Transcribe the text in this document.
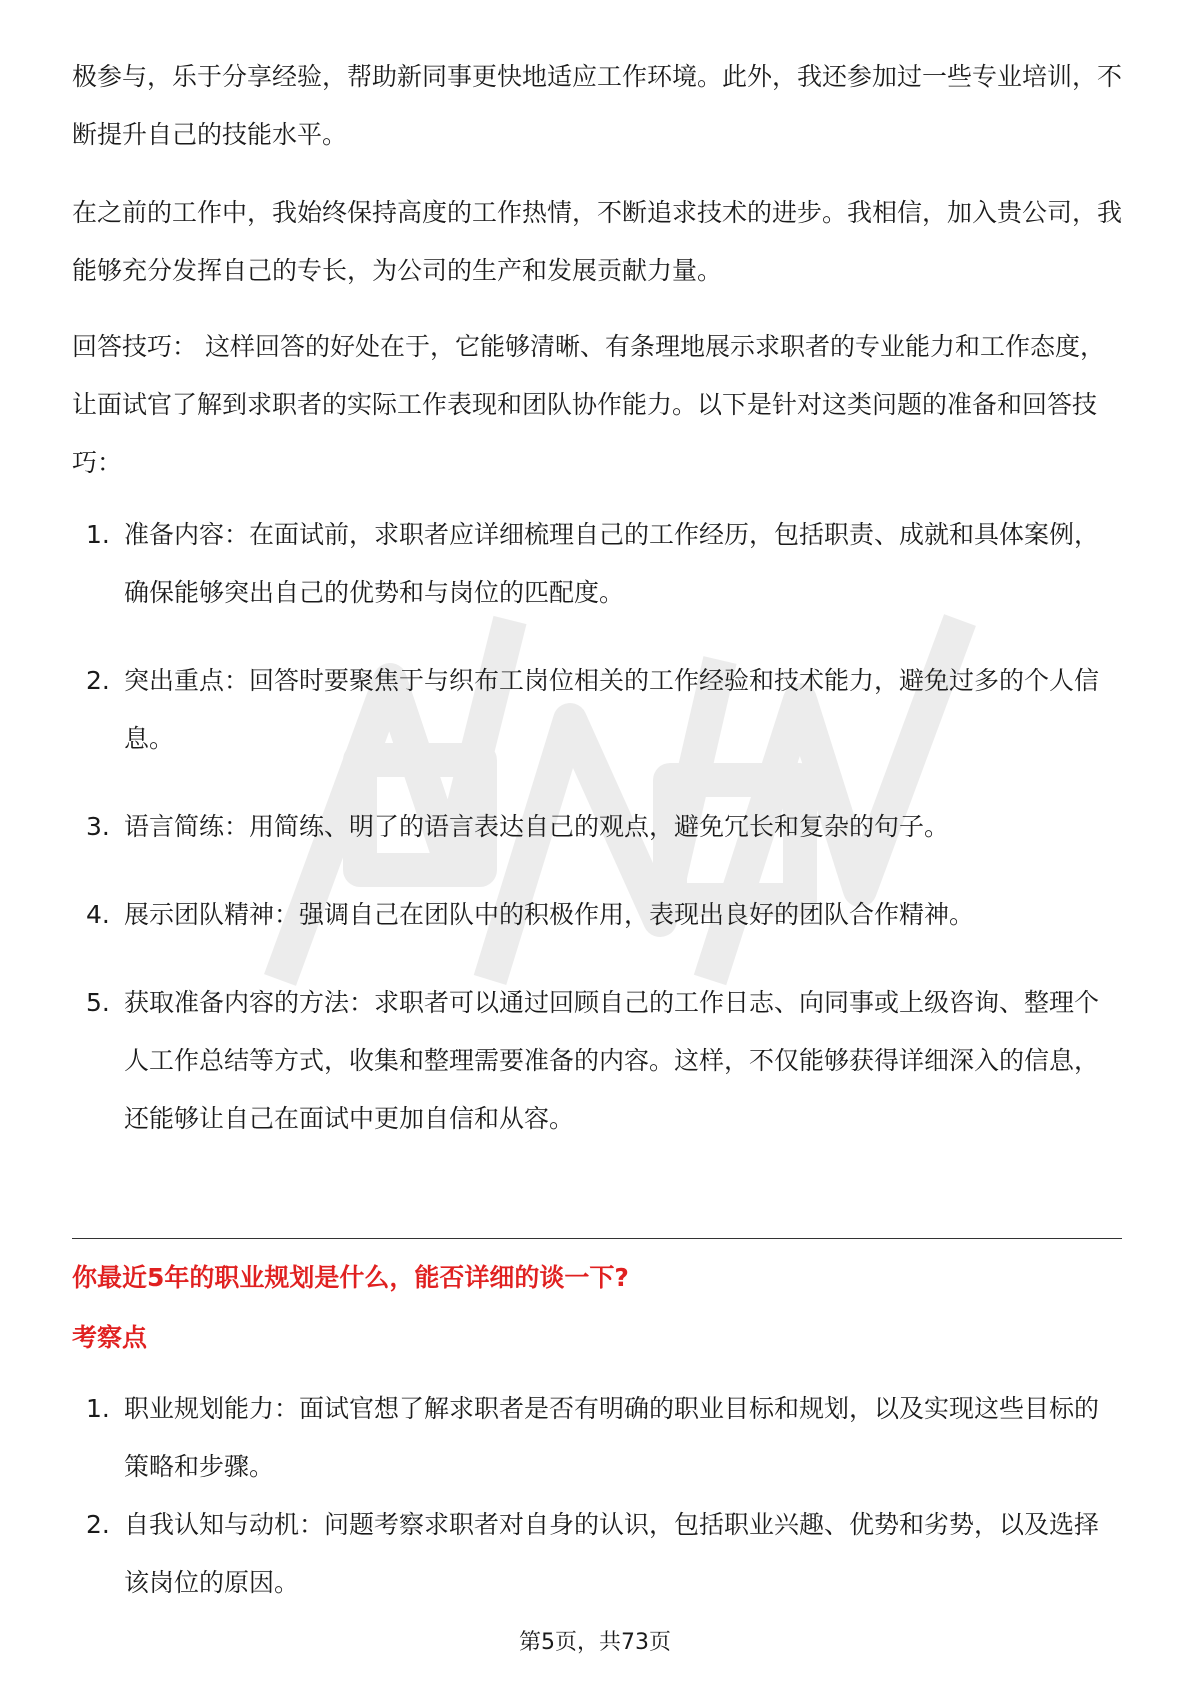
极参与，乐于分享经验，帮助新同事更快地适应工作环境。此外，我还参加过一些专业培训，不断提升自己的技能水平。

在之前的工作中，我始终保持高度的工作热情，不断追求技术的进步。我相信，加入贵公司，我能够充分发挥自己的专长，为公司的生产和发展贡献力量。

回答技巧： 这样回答的好处在于，它能够清晰、有条理地展示求职者的专业能力和工作态度，让面试官了解到求职者的实际工作表现和团队协作能力。以下是针对这类问题的准备和回答技巧：

1. 准备内容：在面试前，求职者应详细梳理自己的工作经历，包括职责、成就和具体案例，确保能够突出自己的优势和与岗位的匹配度。
2. 突出重点：回答时要聚焦于与织布工岗位相关的工作经验和技术能力，避免过多的个人信息。
3. 语言简练：用简练、明了的语言表达自己的观点，避免冗长和复杂的句子。
4. 展示团队精神：强调自己在团队中的积极作用，表现出良好的团队合作精神。
5. 获取准备内容的方法：求职者可以通过回顾自己的工作日志、向同事或上级咨询、整理个人工作总结等方式，收集和整理需要准备的内容。这样，不仅能够获得详细深入的信息，还能够让自己在面试中更加自信和从容。
你最近5年的职业规划是什么，能否详细的谈一下?
考察点
1. 职业规划能力：面试官想了解求职者是否有明确的职业目标和规划，以及实现这些目标的策略和步骤。
2. 自我认知与动机：问题考察求职者对自身的认识，包括职业兴趣、优势和劣势，以及选择该岗位的原因。
第5页，共73页
